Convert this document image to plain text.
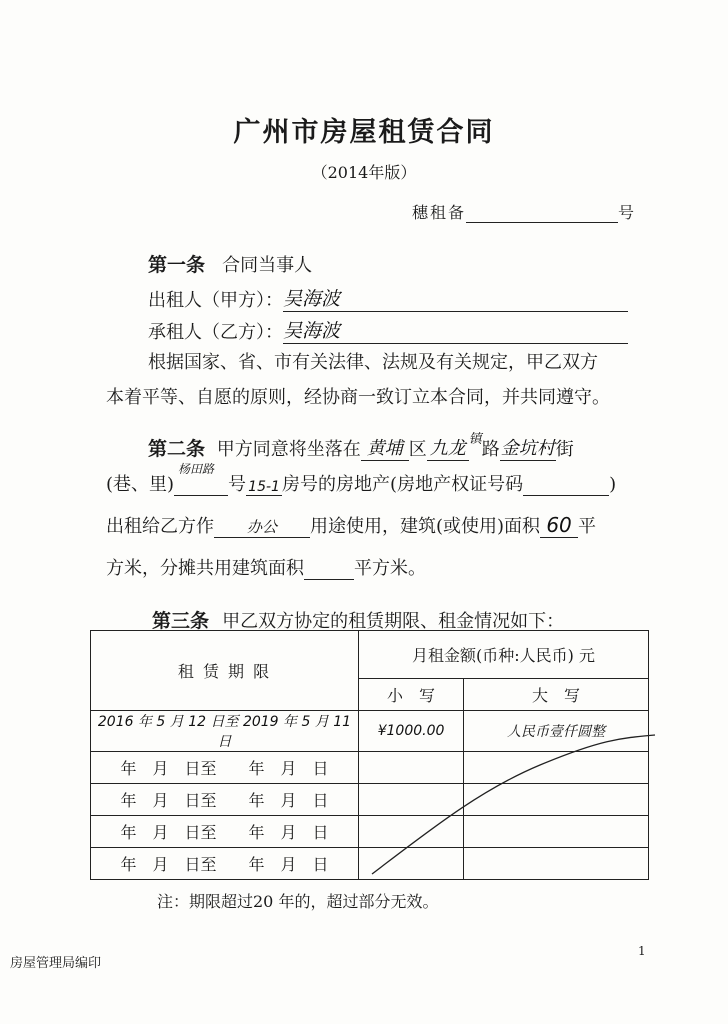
广州市房屋租赁合同
（2014年版）
穗租备	号
第一条 合同当事人
出租人（甲方）：吴海波
承租人（乙方）：吴海波
根据国家、省、市有关法律、法规及有关规定，甲乙双方
本着平等、自愿的原则，经协商一致订立本合同，并共同遵守。
第二条 甲方同意将坐落在 黄埔 区 九龙 $^镇$路金坑村街
(巷、里)
杨田路
号 15-1 房号的房地产(房地产权证号码	)
出租给乙方作 办公 用途使用，建筑(或使用)面积 60 平
方米，分摊共用建筑面积	平方米。
第三条 甲乙双方协定的租赁期限、租金情况如下：
租 赁 期 限	月租金额(币种:人民币) 元	
	小　写	大　写
2016 年 5 月 12 日至 2019 年 5 月 11 日	¥1000.00	人民币壹仟圆整
年　月　日至　　年　月　日		
年　月　日至　　年　月　日		
年　月　日至　　年　月　日		
年　月　日至　　年　月　日		
注：期限超过20 年的，超过部分无效。
1
房屋管理局编印
